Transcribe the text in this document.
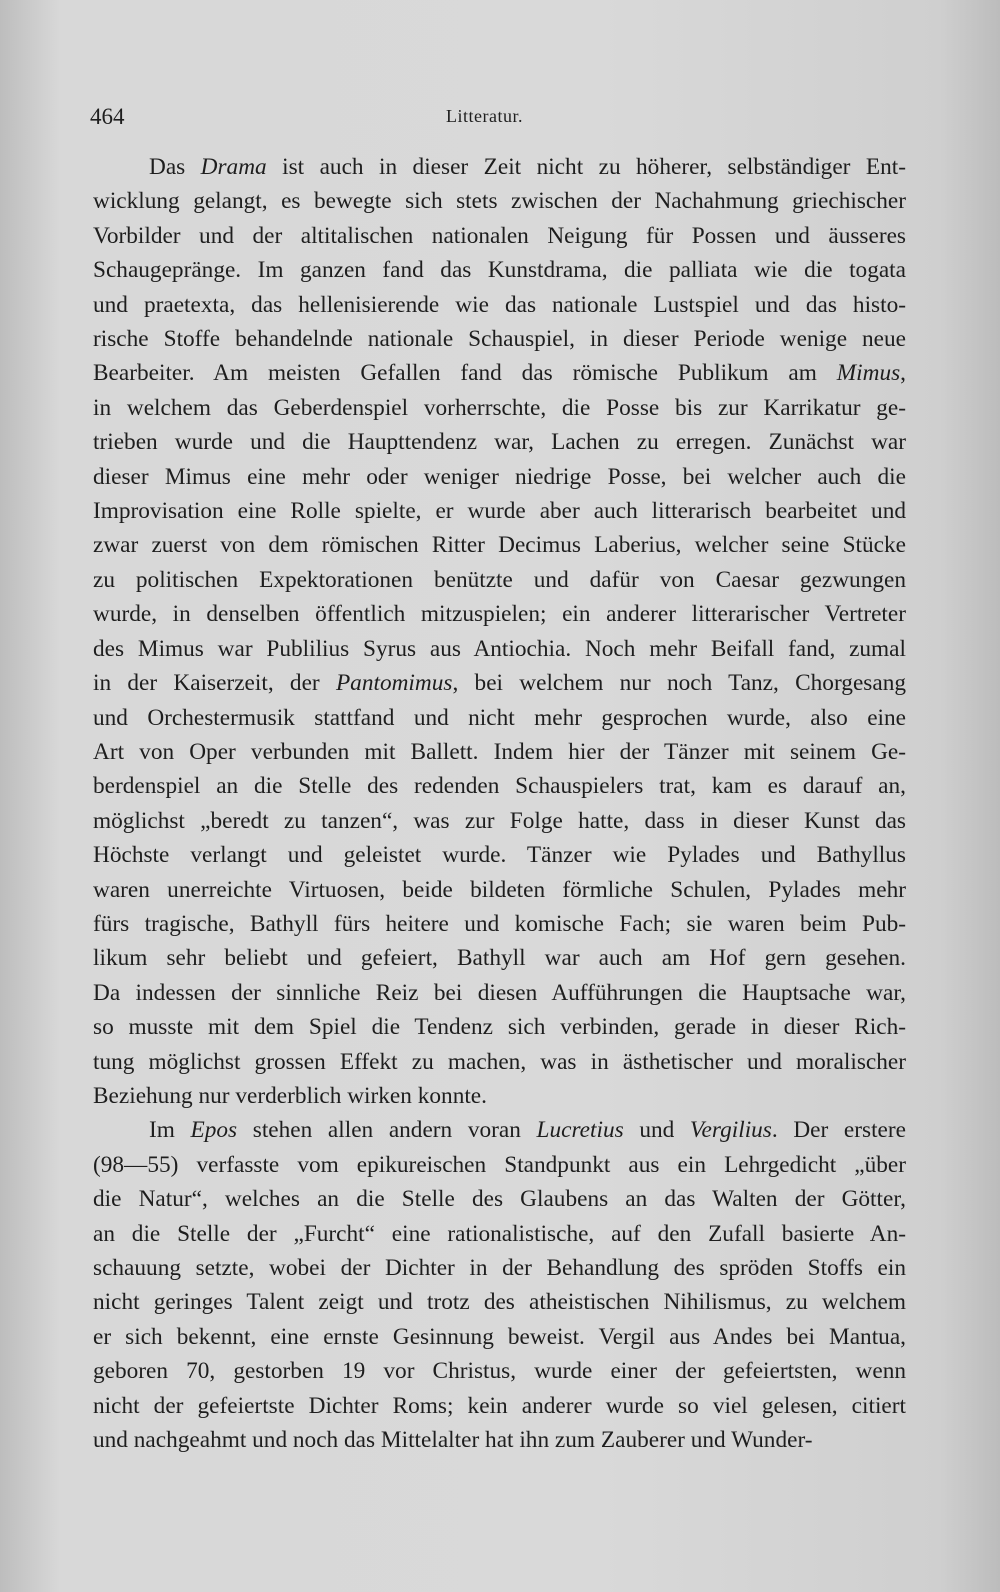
464	Litteratur.
Das Drama ist auch in dieser Zeit nicht zu höherer, selbständiger Ent-
wicklung gelangt, es bewegte sich stets zwischen der Nachahmung griechischer
Vorbilder und der altitalischen nationalen Neigung für Possen und äusseres
Schaugepränge. Im ganzen fand das Kunstdrama, die palliata wie die togata
und praetexta, das hellenisierende wie das nationale Lustspiel und das histo-
rische Stoffe behandelnde nationale Schauspiel, in dieser Periode wenige neue
Bearbeiter. Am meisten Gefallen fand das römische Publikum am Mimus,
in welchem das Geberdenspiel vorherrschte, die Posse bis zur Karrikatur ge-
trieben wurde und die Haupttendenz war, Lachen zu erregen. Zunächst war
dieser Mimus eine mehr oder weniger niedrige Posse, bei welcher auch die
Improvisation eine Rolle spielte, er wurde aber auch litterarisch bearbeitet und
zwar zuerst von dem römischen Ritter Decimus Laberius, welcher seine Stücke
zu politischen Expektorationen benützte und dafür von Caesar gezwungen
wurde, in denselben öffentlich mitzuspielen; ein anderer litterarischer Vertreter
des Mimus war Publilius Syrus aus Antiochia. Noch mehr Beifall fand, zumal
in der Kaiserzeit, der Pantomimus, bei welchem nur noch Tanz, Chorgesang
und Orchestermusik stattfand und nicht mehr gesprochen wurde, also eine
Art von Oper verbunden mit Ballett. Indem hier der Tänzer mit seinem Ge-
berdenspiel an die Stelle des redenden Schauspielers trat, kam es darauf an,
möglichst „beredt zu tanzen“, was zur Folge hatte, dass in dieser Kunst das
Höchste verlangt und geleistet wurde. Tänzer wie Pylades und Bathyllus
waren unerreichte Virtuosen, beide bildeten förmliche Schulen, Pylades mehr
fürs tragische, Bathyll fürs heitere und komische Fach; sie waren beim Pub-
likum sehr beliebt und gefeiert, Bathyll war auch am Hof gern gesehen.
Da indessen der sinnliche Reiz bei diesen Aufführungen die Hauptsache war,
so musste mit dem Spiel die Tendenz sich verbinden, gerade in dieser Rich-
tung möglichst grossen Effekt zu machen, was in ästhetischer und moralischer
Beziehung nur verderblich wirken konnte.
Im Epos stehen allen andern voran Lucretius und Vergilius. Der erstere
(98—55) verfasste vom epikureischen Standpunkt aus ein Lehrgedicht „über
die Natur“, welches an die Stelle des Glaubens an das Walten der Götter,
an die Stelle der „Furcht“ eine rationalistische, auf den Zufall basierte An-
schauung setzte, wobei der Dichter in der Behandlung des spröden Stoffs ein
nicht geringes Talent zeigt und trotz des atheistischen Nihilismus, zu welchem
er sich bekennt, eine ernste Gesinnung beweist. Vergil aus Andes bei Mantua,
geboren 70, gestorben 19 vor Christus, wurde einer der gefeiertsten, wenn
nicht der gefeiertste Dichter Roms; kein anderer wurde so viel gelesen, citiert
und nachgeahmt und noch das Mittelalter hat ihn zum Zauberer und Wunder-
